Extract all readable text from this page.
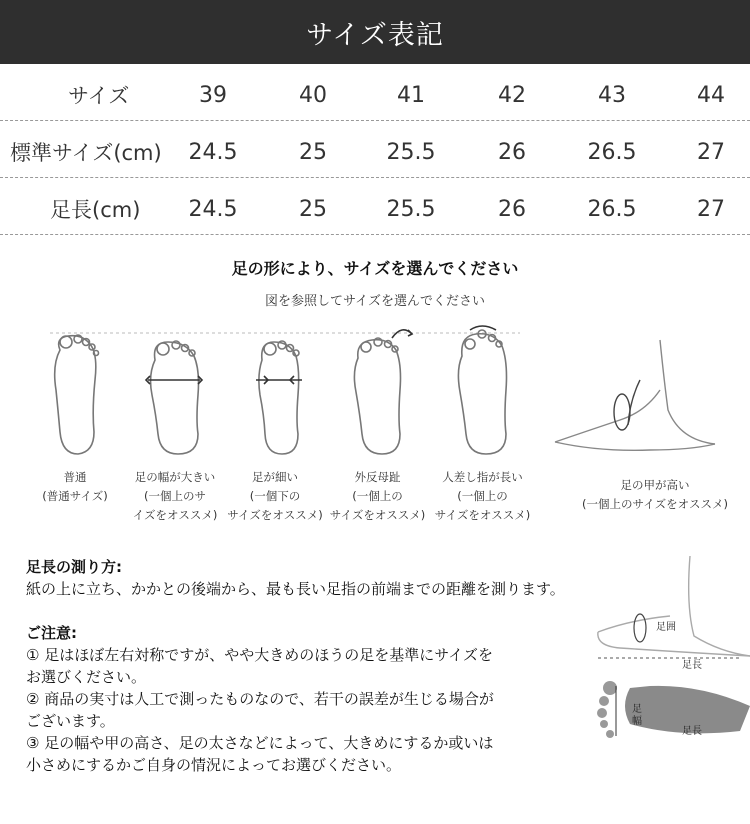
サイズ表記
サイズ	39	40	41	42	43	44
標準サイズ(cm) 24.5	25	25.5	26	26.5	27
足長(cm) 24.5	25	25.5	26	26.5	27
足の形により、サイズを選んでください
図を参照してサイズを選んでください
普通
(普通サイズ)
足の幅が大きい
(一個上のサ
イズをオススメ)
足が細い
(一個下の
サイズをオススメ)
外反母趾
(一個上の
サイズをオススメ)
人差し指が長い
(一個上の
サイズをオススメ)
足の甲が高い
(一個上のサイズをオススメ)

足長の測り方:

紙の上に立ち、かかとの後端から、最も長い足指の前端までの距離を測ります。

ご注意:

① 足はほぼ左右対称ですが、やや大きめのほうの足を基準にサイズを

お選びください。

② 商品の実寸は人工で測ったものなので、若干の誤差が生じる場合が

ございます。

③ 足の幅や甲の高さ、足の太さなどによって、大きめにするか或いは

小さめにするかご自身の情況によってお選びください。

足囲
足長
足
幅
足長
